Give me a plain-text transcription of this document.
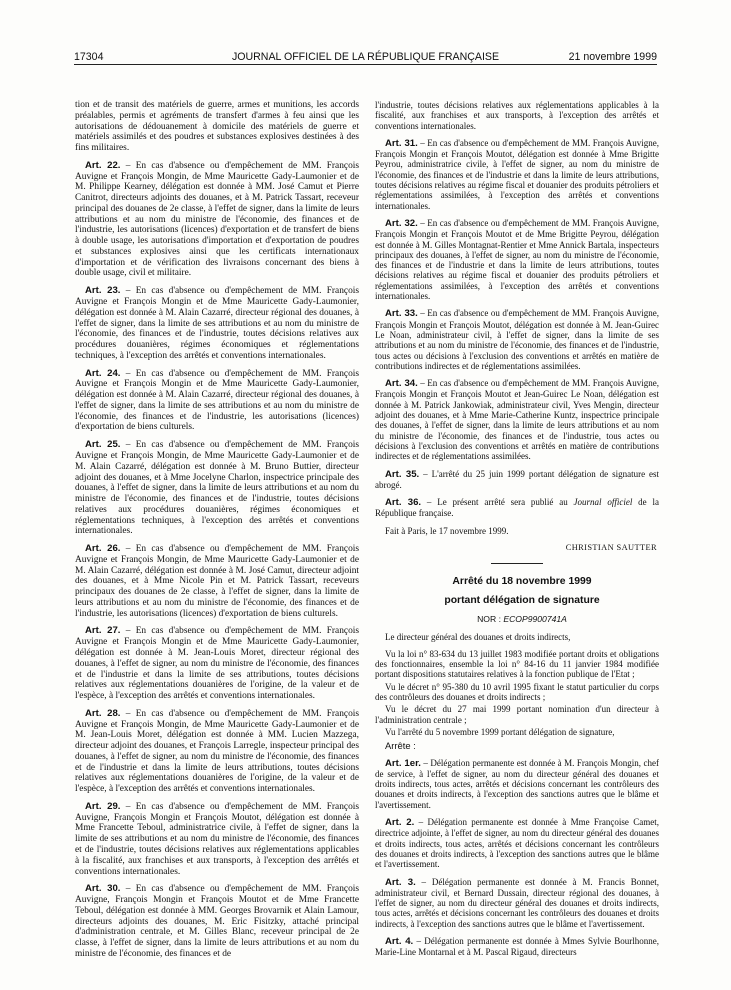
17304	JOURNAL OFFICIEL DE LA RÉPUBLIQUE FRANÇAISE	21 novembre 1999

tion et de transit des matériels de guerre, armes et munitions, les accords préalables, permis et agréments de transfert d'armes à feu ainsi que les autorisations de dédouanement à domicile des matériels de guerre et matériels assimilés et des poudres et substances explosives destinées à des fins militaires.

Art. 22. – En cas d'absence ou d'empêchement de MM. François Auvigne et François Mongin, de Mme Mauricette Gady-Laumonier et de M. Philippe Kearney, délégation est donnée à MM. José Camut et Pierre Canitrot, directeurs adjoints des douanes, et à M. Patrick Tassart, receveur principal des douanes de 2e classe, à l'effet de signer, dans la limite de leurs attributions et au nom du ministre de l'économie, des finances et de l'industrie, les autorisations (licences) d'exportation et de transfert de biens à double usage, les autorisations d'importation et d'exportation de poudres et substances explosives ainsi que les certificats internationaux d'importation et de vérification des livraisons concernant des biens à double usage, civil et militaire.

Art. 23. – En cas d'absence ou d'empêchement de MM. François Auvigne et François Mongin et de Mme Mauricette Gady-Laumonier, délégation est donnée à M. Alain Cazarré, directeur régional des douanes, à l'effet de signer, dans la limite de ses attributions et au nom du ministre de l'économie, des finances et de l'industrie, toutes décisions relatives aux procédures douanières, régimes économiques et réglementations techniques, à l'exception des arrêtés et conventions internationales.

Art. 24. – En cas d'absence ou d'empêchement de MM. François Auvigne et François Mongin et de Mme Mauricette Gady-Laumonier, délégation est donnée à M. Alain Cazarré, directeur régional des douanes, à l'effet de signer, dans la limite de ses attributions et au nom du ministre de l'économie, des finances et de l'industrie, les autorisations (licences) d'exportation de biens culturels.

Art. 25. – En cas d'absence ou d'empêchement de MM. François Auvigne et François Mongin, de Mme Mauricette Gady-Laumonier et de M. Alain Cazarré, délégation est donnée à M. Bruno Buttier, directeur adjoint des douanes, et à Mme Jocelyne Charlon, inspectrice principale des douanes, à l'effet de signer, dans la limite de leurs attributions et au nom du ministre de l'économie, des finances et de l'industrie, toutes décisions relatives aux procédures douanières, régimes économiques et réglementations techniques, à l'exception des arrêtés et conventions internationales.

Art. 26. – En cas d'absence ou d'empêchement de MM. François Auvigne et François Mongin, de Mme Mauricette Gady-Laumonier et de M. Alain Cazarré, délégation est donnée à M. José Camut, directeur adjoint des douanes, et à Mme Nicole Pin et M. Patrick Tassart, receveurs principaux des douanes de 2e classe, à l'effet de signer, dans la limite de leurs attributions et au nom du ministre de l'économie, des finances et de l'industrie, les autorisations (licences) d'exportation de biens culturels.

Art. 27. – En cas d'absence ou d'empêchement de MM. François Auvigne et François Mongin et de Mme Mauricette Gady-Laumonier, délégation est donnée à M. Jean-Louis Moret, directeur régional des douanes, à l'effet de signer, au nom du ministre de l'économie, des finances et de l'industrie et dans la limite de ses attributions, toutes décisions relatives aux réglementations douanières de l'origine, de la valeur et de l'espèce, à l'exception des arrêtés et conventions internationales.

Art. 28. – En cas d'absence ou d'empêchement de MM. François Auvigne et François Mongin, de Mme Mauricette Gady-Laumonier et de M. Jean-Louis Moret, délégation est donnée à MM. Lucien Mazzega, directeur adjoint des douanes, et François Larregle, inspecteur principal des douanes, à l'effet de signer, au nom du ministre de l'économie, des finances et de l'industrie et dans la limite de leurs attributions, toutes décisions relatives aux réglementations douanières de l'origine, de la valeur et de l'espèce, à l'exception des arrêtés et conventions internationales.

Art. 29. – En cas d'absence ou d'empêchement de MM. François Auvigne, François Mongin et François Moutot, délégation est donnée à Mme Francette Teboul, administratrice civile, à l'effet de signer, dans la limite de ses attributions et au nom du ministre de l'économie, des finances et de l'industrie, toutes décisions relatives aux réglementations applicables à la fiscalité, aux franchises et aux transports, à l'exception des arrêtés et conventions internationales.

Art. 30. – En cas d'absence ou d'empêchement de MM. François Auvigne, François Mongin et François Moutot et de Mme Francette Teboul, délégation est donnée à MM. Georges Brovarnik et Alain Lamour, directeurs adjoints des douanes, M. Eric Fisitzky, attaché principal d'administration centrale, et M. Gilles Blanc, receveur principal de 2e classe, à l'effet de signer, dans la limite de leurs attributions et au nom du ministre de l'économie, des finances et de

l'industrie, toutes décisions relatives aux réglementations applicables à la fiscalité, aux franchises et aux transports, à l'exception des arrêtés et conventions internationales.

Art. 31. – En cas d'absence ou d'empêchement de MM. François Auvigne, François Mongin et François Moutot, délégation est donnée à Mme Brigitte Peyrou, administratrice civile, à l'effet de signer, au nom du ministre de l'économie, des finances et de l'industrie et dans la limite de leurs attributions, toutes décisions relatives au régime fiscal et douanier des produits pétroliers et réglementations assimilées, à l'exception des arrêtés et conventions internationales.

Art. 32. – En cas d'absence ou d'empêchement de MM. François Auvigne, François Mongin et François Moutot et de Mme Brigitte Peyrou, délégation est donnée à M. Gilles Montagnat-Rentier et Mme Annick Bartala, inspecteurs principaux des douanes, à l'effet de signer, au nom du ministre de l'économie, des finances et de l'industrie et dans la limite de leurs attributions, toutes décisions relatives au régime fiscal et douanier des produits pétroliers et réglementations assimilées, à l'exception des arrêtés et conventions internationales.

Art. 33. – En cas d'absence ou d'empêchement de MM. François Auvigne, François Mongin et François Moutot, délégation est donnée à M. Jean-Guirec Le Noan, administrateur civil, à l'effet de signer, dans la limite de ses attributions et au nom du ministre de l'économie, des finances et de l'industrie, tous actes ou décisions à l'exclusion des conventions et arrêtés en matière de contributions indirectes et de réglementations assimilées.

Art. 34. – En cas d'absence ou d'empêchement de MM. François Auvigne, François Mongin et François Moutot et Jean-Guirec Le Noan, délégation est donnée à M. Patrick Jankowiak, administrateur civil, Yves Mengin, directeur adjoint des douanes, et à Mme Marie-Catherine Kuntz, inspectrice principale des douanes, à l'effet de signer, dans la limite de leurs attributions et au nom du ministre de l'économie, des finances et de l'industrie, tous actes ou décisions à l'exclusion des conventions et arrêtés en matière de contributions indirectes et de réglementations assimilées.

Art. 35. – L'arrêté du 25 juin 1999 portant délégation de signature est abrogé.

Art. 36. – Le présent arrêté sera publié au Journal officiel de la République française.

Fait à Paris, le 17 novembre 1999.

CHRISTIAN SAUTTER

Arrêté du 18 novembre 1999

portant délégation de signature

NOR : ECOP9900741A

Le directeur général des douanes et droits indirects,

Vu la loi n° 83-634 du 13 juillet 1983 modifiée portant droits et obligations des fonctionnaires, ensemble la loi n° 84-16 du 11 janvier 1984 modifiée portant dispositions statutaires relatives à la fonction publique de l'Etat ;

Vu le décret n° 95-380 du 10 avril 1995 fixant le statut particulier du corps des contrôleurs des douanes et droits indirects ;

Vu le décret du 27 mai 1999 portant nomination d'un directeur à l'administration centrale ;

Vu l'arrêté du 5 novembre 1999 portant délégation de signature,

Arrête :

Art. 1er. – Délégation permanente est donnée à M. François Mongin, chef de service, à l'effet de signer, au nom du directeur général des douanes et droits indirects, tous actes, arrêtés et décisions concernant les contrôleurs des douanes et droits indirects, à l'exception des sanctions autres que le blâme et l'avertissement.

Art. 2. – Délégation permanente est donnée à Mme Françoise Camet, directrice adjointe, à l'effet de signer, au nom du directeur général des douanes et droits indirects, tous actes, arrêtés et décisions concernant les contrôleurs des douanes et droits indirects, à l'exception des sanctions autres que le blâme et l'avertissement.

Art. 3. – Délégation permanente est donnée à M. Francis Bonnet, administrateur civil, et Bernard Dussain, directeur régional des douanes, à l'effet de signer, au nom du directeur général des douanes et droits indirects, tous actes, arrêtés et décisions concernant les contrôleurs des douanes et droits indirects, à l'exception des sanctions autres que le blâme et l'avertissement.

Art. 4. – Délégation permanente est donnée à Mmes Sylvie Bourlhonne, Marie-Line Montarnal et à M. Pascal Rigaud, directeurs
